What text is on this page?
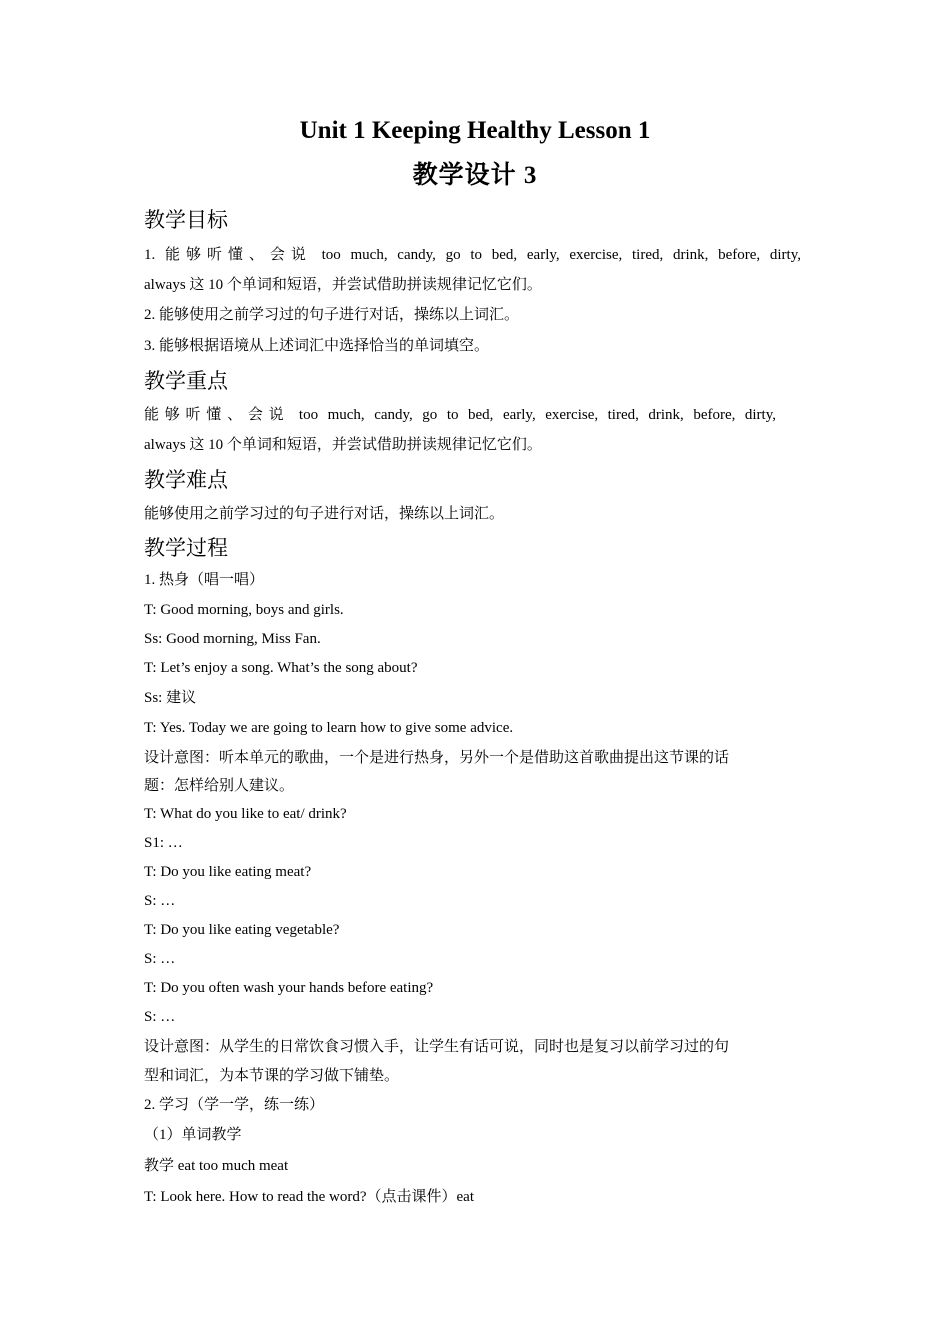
Unit 1 Keeping Healthy Lesson 1
教学设计 3
教学目标
1. 能够听懂、会说 too much, candy, go to bed, early, exercise, tired, drink, before, dirty,
always 这 10 个单词和短语，并尝试借助拼读规律记忆它们。
2. 能够使用之前学习过的句子进行对话，操练以上词汇。
3. 能够根据语境从上述词汇中选择恰当的单词填空。
教学重点
能够听懂、会说 too much, candy, go to bed, early, exercise, tired, drink, before, dirty,
always 这 10 个单词和短语，并尝试借助拼读规律记忆它们。
教学难点
能够使用之前学习过的句子进行对话，操练以上词汇。
教学过程
1. 热身（唱一唱）
T: Good morning, boys and girls.
Ss: Good morning, Miss Fan.
T: Let’s enjoy a song. What’s the song about?
Ss: 建议
T: Yes. Today we are going to learn how to give some advice.
设计意图：听本单元的歌曲，一个是进行热身，另外一个是借助这首歌曲提出这节课的话
题：怎样给别人建议。
T: What do you like to eat/ drink?
S1: …
T: Do you like eating meat?
S: …
T: Do you like eating vegetable?
S: …
T: Do you often wash your hands before eating?
S: …
设计意图：从学生的日常饮食习惯入手，让学生有话可说，同时也是复习以前学习过的句
型和词汇，为本节课的学习做下铺垫。
2. 学习（学一学，练一练）
（1）单词教学
教学 eat too much meat
T: Look here. How to read the word?（点击课件）eat
